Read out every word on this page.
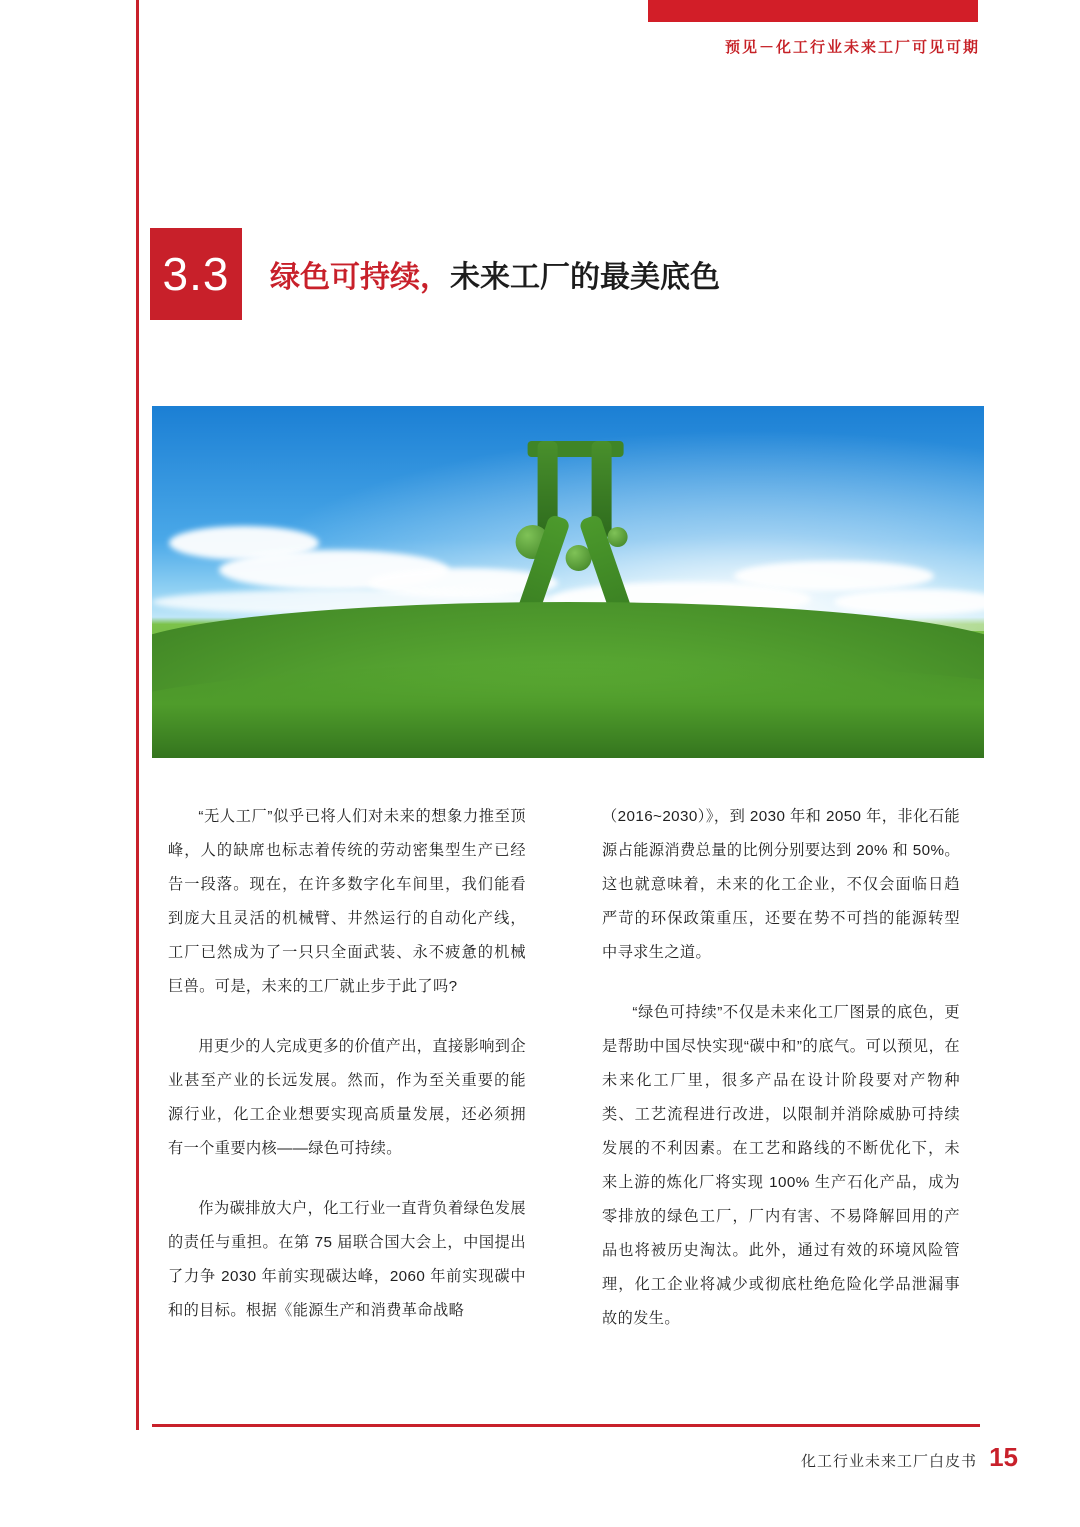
预见－化工行业未来工厂可见可期
3.3	绿色可持续，未来工厂的最美底色

“无人工厂”似乎已将人们对未来的想象力推至顶峰，人的缺席也标志着传统的劳动密集型生产已经告一段落。现在，在许多数字化车间里，我们能看到庞大且灵活的机械臂、井然运行的自动化产线，工厂已然成为了一只只全面武装、永不疲惫的机械巨兽。可是，未来的工厂就止步于此了吗?

用更少的人完成更多的价值产出，直接影响到企业甚至产业的长远发展。然而，作为至关重要的能源行业，化工企业想要实现高质量发展，还必须拥有一个重要内核——绿色可持续。

作为碳排放大户，化工行业一直背负着绿色发展的责任与重担。在第 75 届联合国大会上，中国提出了力争 2030 年前实现碳达峰，2060 年前实现碳中和的目标。根据《能源生产和消费革命战略

（2016~2030）》，到 2030 年和 2050 年，非化石能源占能源消费总量的比例分别要达到 20% 和 50%。这也就意味着，未来的化工企业，不仅会面临日趋严苛的环保政策重压，还要在势不可挡的能源转型中寻求生之道。

“绿色可持续”不仅是未来化工厂图景的底色，更是帮助中国尽快实现“碳中和”的底气。可以预见，在未来化工厂里，很多产品在设计阶段要对产物种类、工艺流程进行改进，以限制并消除威胁可持续发展的不利因素。在工艺和路线的不断优化下，未来上游的炼化厂将实现 100% 生产石化产品，成为零排放的绿色工厂，厂内有害、不易降解回用的产品也将被历史淘汰。此外，通过有效的环境风险管理，化工企业将减少或彻底杜绝危险化学品泄漏事故的发生。

化工行业未来工厂白皮书 15
